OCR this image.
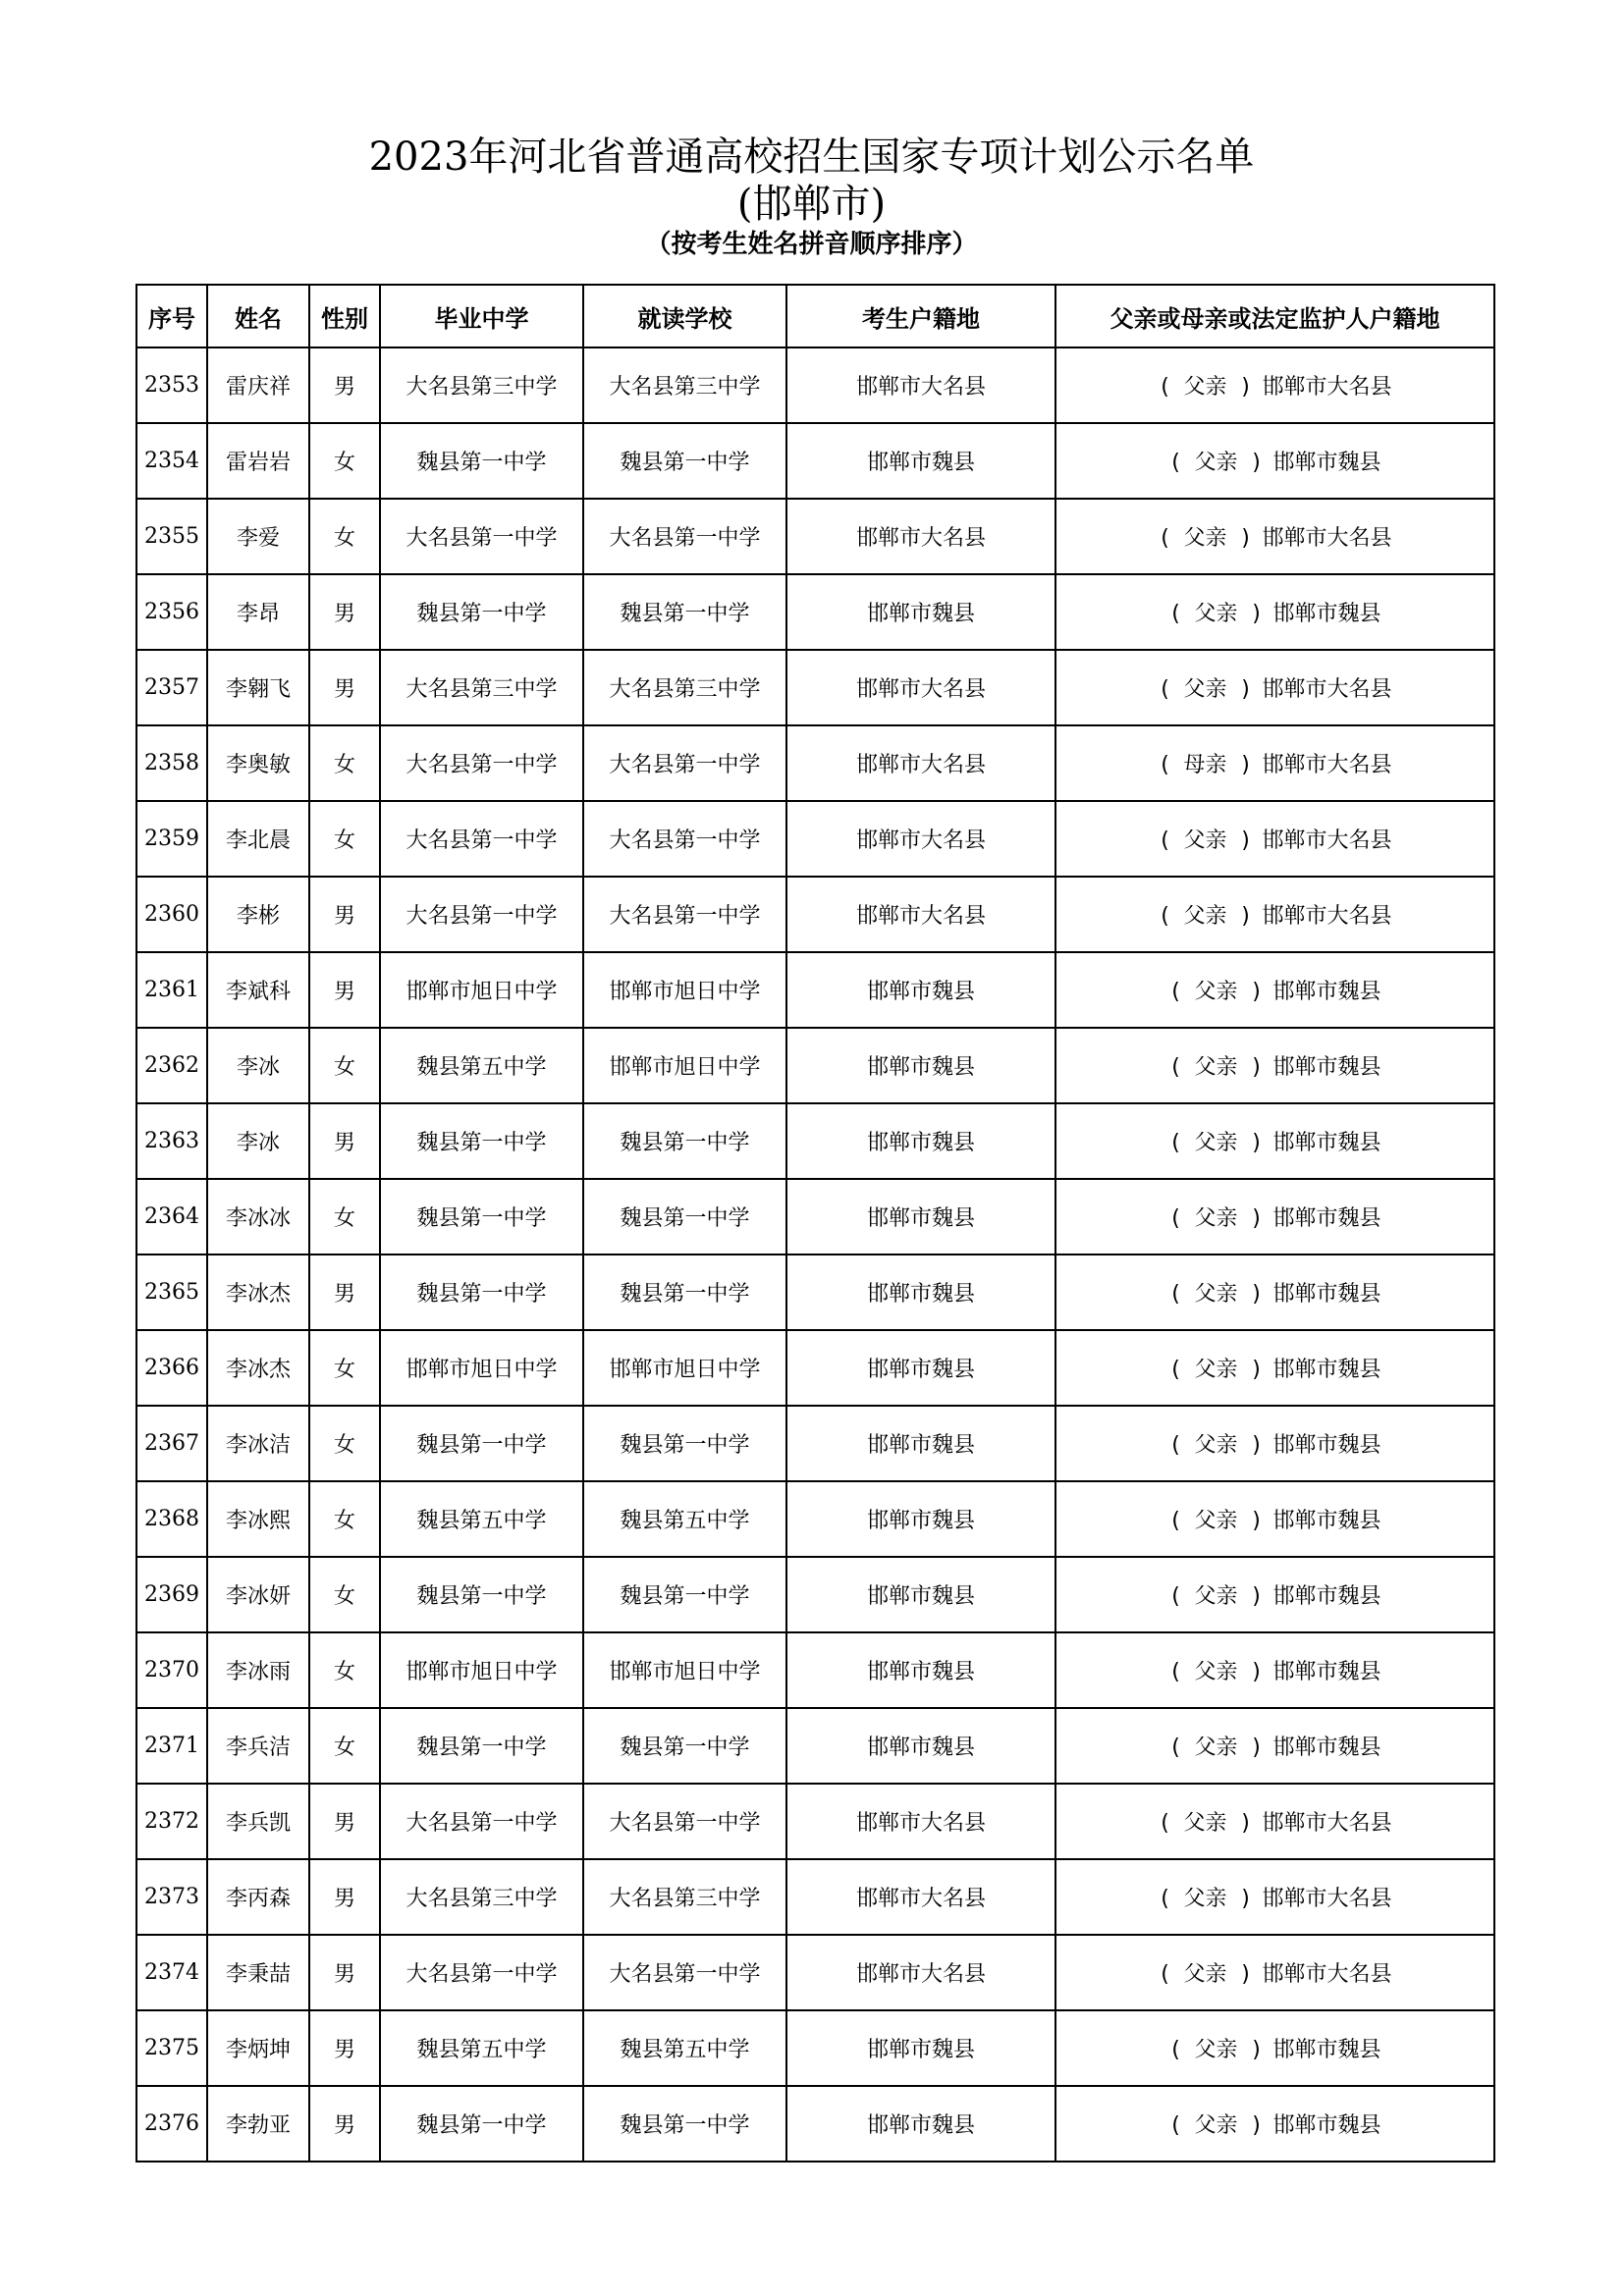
2023年河北省普通高校招生国家专项计划公示名单
(邯郸市)
（按考生姓名拼音顺序排序）
序号	姓名	性别	毕业中学	就读学校	考生户籍地	父亲或母亲或法定监护人户籍地
2353	雷庆祥	男	大名县第三中学	大名县第三中学	邯郸市大名县	( 父亲 ) 邯郸市大名县
2354	雷岩岩	女	魏县第一中学	魏县第一中学	邯郸市魏县	( 父亲 ) 邯郸市魏县
2355	李爱	女	大名县第一中学	大名县第一中学	邯郸市大名县	( 父亲 ) 邯郸市大名县
2356	李昂	男	魏县第一中学	魏县第一中学	邯郸市魏县	( 父亲 ) 邯郸市魏县
2357	李翱飞	男	大名县第三中学	大名县第三中学	邯郸市大名县	( 父亲 ) 邯郸市大名县
2358	李奥敏	女	大名县第一中学	大名县第一中学	邯郸市大名县	( 母亲 ) 邯郸市大名县
2359	李北晨	女	大名县第一中学	大名县第一中学	邯郸市大名县	( 父亲 ) 邯郸市大名县
2360	李彬	男	大名县第一中学	大名县第一中学	邯郸市大名县	( 父亲 ) 邯郸市大名县
2361	李斌科	男	邯郸市旭日中学	邯郸市旭日中学	邯郸市魏县	( 父亲 ) 邯郸市魏县
2362	李冰	女	魏县第五中学	邯郸市旭日中学	邯郸市魏县	( 父亲 ) 邯郸市魏县
2363	李冰	男	魏县第一中学	魏县第一中学	邯郸市魏县	( 父亲 ) 邯郸市魏县
2364	李冰冰	女	魏县第一中学	魏县第一中学	邯郸市魏县	( 父亲 ) 邯郸市魏县
2365	李冰杰	男	魏县第一中学	魏县第一中学	邯郸市魏县	( 父亲 ) 邯郸市魏县
2366	李冰杰	女	邯郸市旭日中学	邯郸市旭日中学	邯郸市魏县	( 父亲 ) 邯郸市魏县
2367	李冰洁	女	魏县第一中学	魏县第一中学	邯郸市魏县	( 父亲 ) 邯郸市魏县
2368	李冰熙	女	魏县第五中学	魏县第五中学	邯郸市魏县	( 父亲 ) 邯郸市魏县
2369	李冰妍	女	魏县第一中学	魏县第一中学	邯郸市魏县	( 父亲 ) 邯郸市魏县
2370	李冰雨	女	邯郸市旭日中学	邯郸市旭日中学	邯郸市魏县	( 父亲 ) 邯郸市魏县
2371	李兵洁	女	魏县第一中学	魏县第一中学	邯郸市魏县	( 父亲 ) 邯郸市魏县
2372	李兵凯	男	大名县第一中学	大名县第一中学	邯郸市大名县	( 父亲 ) 邯郸市大名县
2373	李丙森	男	大名县第三中学	大名县第三中学	邯郸市大名县	( 父亲 ) 邯郸市大名县
2374	李秉喆	男	大名县第一中学	大名县第一中学	邯郸市大名县	( 父亲 ) 邯郸市大名县
2375	李炳坤	男	魏县第五中学	魏县第五中学	邯郸市魏县	( 父亲 ) 邯郸市魏县
2376	李勃亚	男	魏县第一中学	魏县第一中学	邯郸市魏县	( 父亲 ) 邯郸市魏县
